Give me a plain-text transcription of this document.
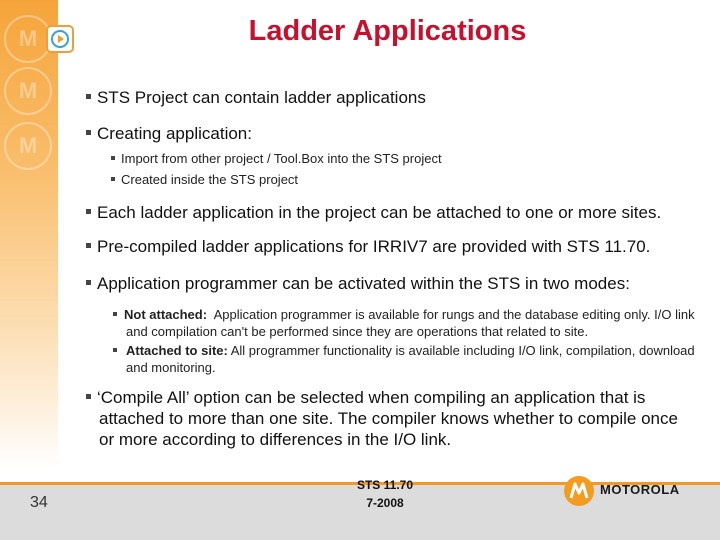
M
M
M
Ladder Applications
STS Project can contain ladder applications
Creating application:
Import from other project / Tool.Box into the STS project
Created inside the STS project
Each ladder application in the project can be attached to one or more sites.
Pre-compiled ladder applications for IRRIV7 are provided with STS 11.70.
Application programmer can be activated within the STS in two modes:
Not attached: Application programmer is available for rungs and the database editing only. I/O link and compilation can't be performed since they are operations that related to site.
Attached to site: All programmer functionality is available including I/O link, compilation, download and monitoring.
‘Compile All’ option can be selected when compiling an application that is attached to more than one site. The compiler knows whether to compile once or more according to differences in the I/O link.
34
STS 11.70
7-2008
MOTOROLA
